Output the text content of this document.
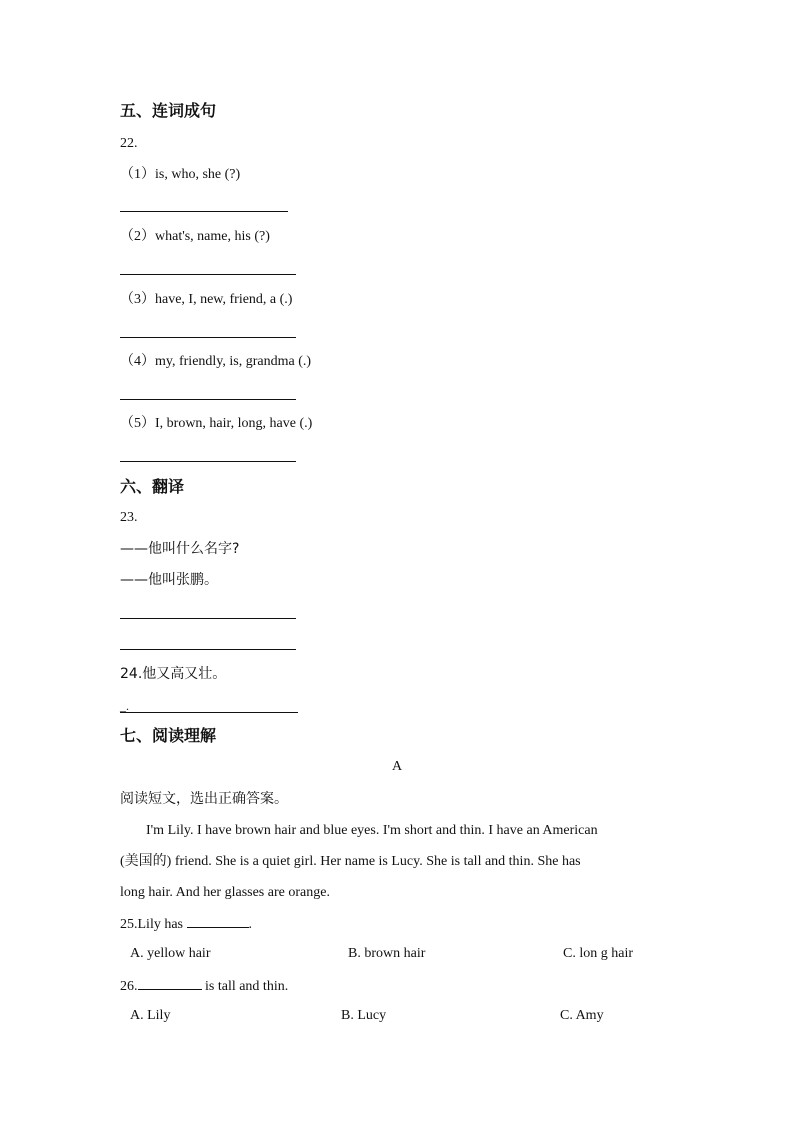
五、连词成句
22.
（1）is, who, she (?)
（2）what's, name, his (?)
（3）have, I, new, friend, a (.)
（4）my, friendly, is, grandma (.)
（5）I, brown, hair, long, have (.)
六、翻译
23.
——他叫什么名字?
——他叫张鹏。
24.他又高又壮。
_.
七、阅读理解
A
阅读短文，选出正确答案。
I'm Lily. I have brown hair and blue eyes. I'm short and thin. I have an American
(美国的) friend. She is a quiet girl. Her name is Lucy. She is tall and thin. She has
long hair. And her glasses are orange.
25.Lily has	.
A. yellow hair	B. brown hair	C. lon g hair
26.	is tall and thin.
A. Lily	B. Lucy	C. Amy
